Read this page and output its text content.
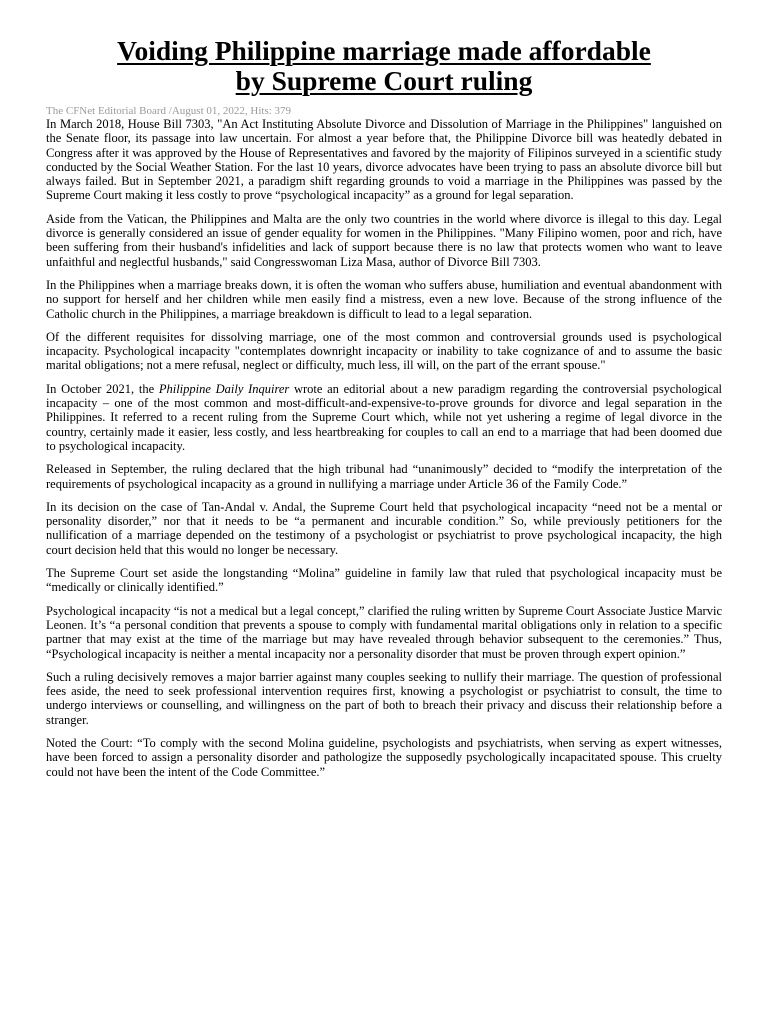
Voiding Philippine marriage made affordable
by Supreme Court ruling
The CFNet Editorial Board /August 01, 2022, Hits: 379

In March 2018, House Bill 7303, "An Act Instituting Absolute Divorce and Dissolution of Marriage in the Philippines" languished on the Senate floor, its passage into law uncertain. For almost a year before that, the Philippine Divorce bill was heatedly debated in Congress after it was approved by the House of Representatives and favored by the majority of Filipinos surveyed in a scientific study conducted by the Social Weather Station. For the last 10 years, divorce advocates have been trying to pass an absolute divorce bill but always failed. But in September 2021, a paradigm shift regarding grounds to void a marriage in the Philippines was passed by the Supreme Court making it less costly to prove “psychological incapacity” as a ground for legal separation.

Aside from the Vatican, the Philippines and Malta are the only two countries in the world where divorce is illegal to this day. Legal divorce is generally considered an issue of gender equality for women in the Philippines. "Many Filipino women, poor and rich, have been suffering from their husband's infidelities and lack of support because there is no law that protects women who want to leave unfaithful and neglectful husbands," said Congresswoman Liza Masa, author of Divorce Bill 7303.

In the Philippines when a marriage breaks down, it is often the woman who suffers abuse, humiliation and eventual abandonment with no support for herself and her children while men easily find a mistress, even a new love. Because of the strong influence of the Catholic church in the Philippines, a marriage breakdown is difficult to lead to a legal separation.

Of the different requisites for dissolving marriage, one of the most common and controversial grounds used is psychological incapacity. Psychological incapacity "contemplates downright incapacity or inability to take cognizance of and to assume the basic marital obligations; not a mere refusal, neglect or difficulty, much less, ill will, on the part of the errant spouse."

In October 2021, the Philippine Daily Inquirer wrote an editorial about a new paradigm regarding the controversial psychological incapacity – one of the most common and most-difficult-and-expensive-to-prove grounds for divorce and legal separation in the Philippines. It referred to a recent ruling from the Supreme Court which, while not yet ushering a regime of legal divorce in the country, certainly made it easier, less costly, and less heartbreaking for couples to call an end to a marriage that had been doomed due to psychological incapacity.

Released in September, the ruling declared that the high tribunal had “unanimously” decided to “modify the interpretation of the requirements of psychological incapacity as a ground in nullifying a marriage under Article 36 of the Family Code.”

In its decision on the case of Tan-Andal v. Andal, the Supreme Court held that psychological incapacity “need not be a mental or personality disorder,” nor that it needs to be “a permanent and incurable condition.” So, while previously petitioners for the nullification of a marriage depended on the testimony of a psychologist or psychiatrist to prove psychological incapacity, the high court decision held that this would no longer be necessary.

The Supreme Court set aside the longstanding “Molina” guideline in family law that ruled that psychological incapacity must be “medically or clinically identified.”

Psychological incapacity “is not a medical but a legal concept,” clarified the ruling written by Supreme Court Associate Justice Marvic Leonen. It’s “a personal condition that prevents a spouse to comply with fundamental marital obligations only in relation to a specific partner that may exist at the time of the marriage but may have revealed through behavior subsequent to the ceremonies.” Thus, “Psychological incapacity is neither a mental incapacity nor a personality disorder that must be proven through expert opinion.”

Such a ruling decisively removes a major barrier against many couples seeking to nullify their marriage. The question of professional fees aside, the need to seek professional intervention requires first, knowing a psychologist or psychiatrist to consult, the time to undergo interviews or counselling, and willingness on the part of both to breach their privacy and discuss their relationship before a stranger.

Noted the Court: “To comply with the second Molina guideline, psychologists and psychiatrists, when serving as expert witnesses, have been forced to assign a personality disorder and pathologize the supposedly psychologically incapacitated spouse. This cruelty could not have been the intent of the Code Committee.”
